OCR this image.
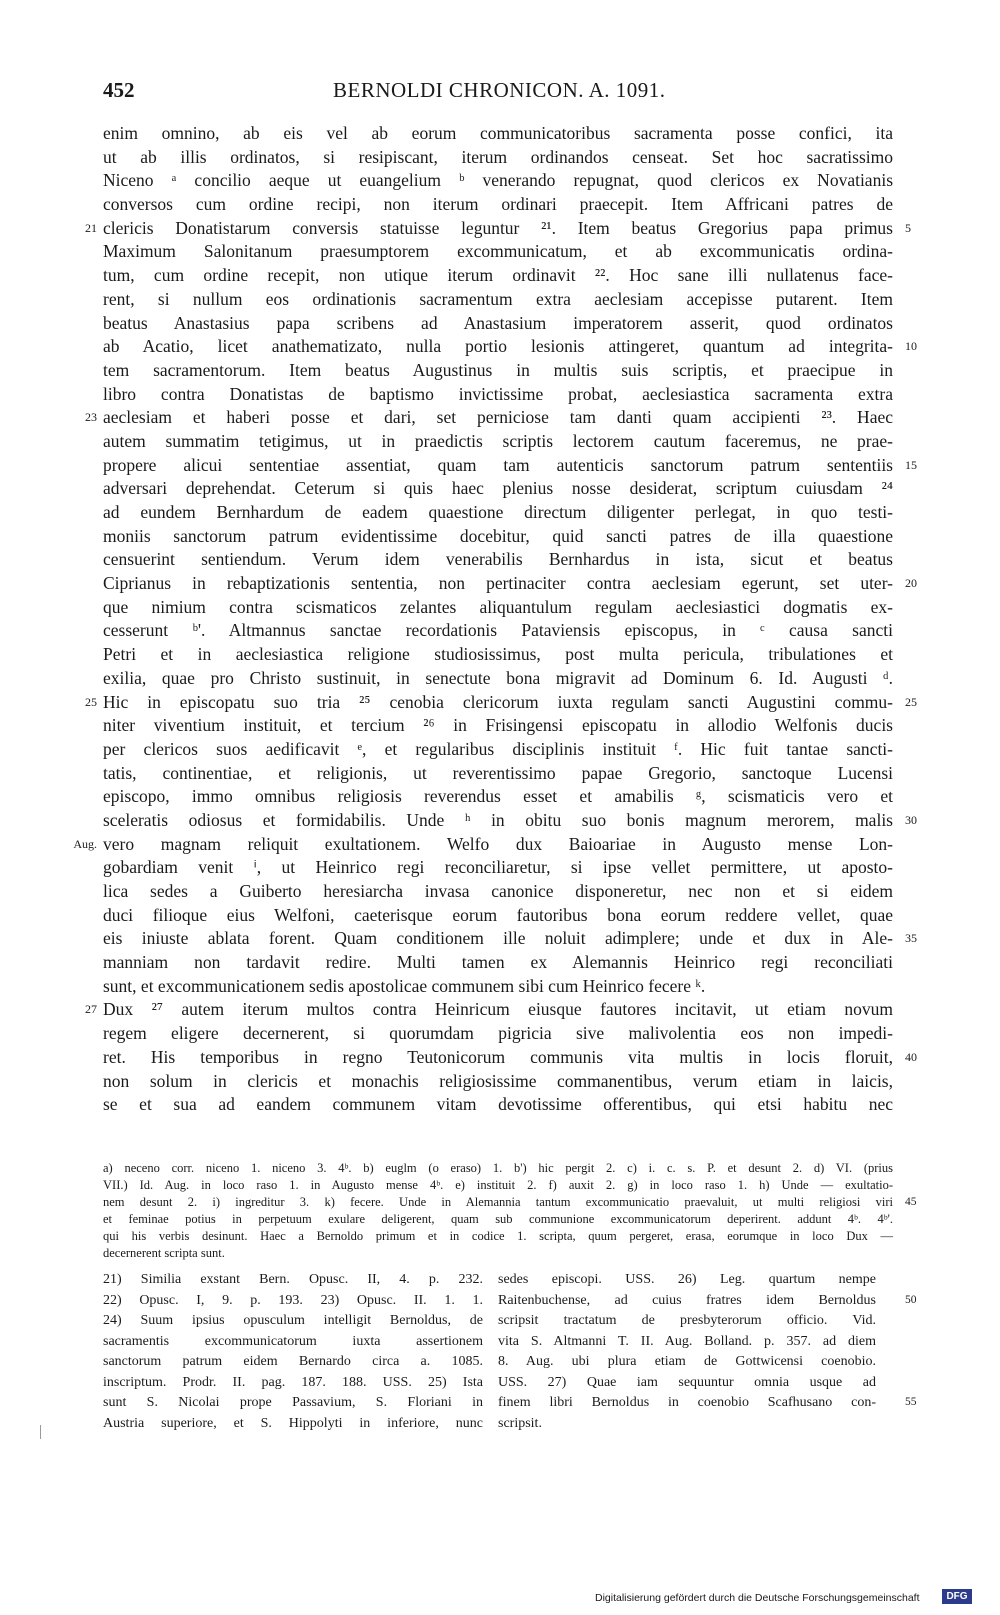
452	BERNOLDI CHRONICON. A. 1091.
enim omnino, ab eis vel ab eorum communicatoribus sacramenta posse confici, ita
ut ab illis ordinatos, si resipiscant, iterum ordinandos censeat. Set hoc sacratissimo
Niceno ᵃ concilio aeque ut euangelium ᵇ venerando repugnat, quod clericos ex Novatianis
conversos cum ordine recipi, non iterum ordinari praecepit. Item Affricani patres de
21 clericis Donatistarum conversis statuisse leguntur ²¹. Item beatus Gregorius papa primus 5
Maximum Salonitanum praesumptorem excommunicatum, et ab excommunicatis ordina-
tum, cum ordine recepit, non utique iterum ordinavit ²². Hoc sane illi nullatenus face-
rent, si nullum eos ordinationis sacramentum extra aeclesiam accepisse putarent. Item
beatus Anastasius papa scribens ad Anastasium imperatorem asserit, quod ordinatos
ab Acatio, licet anathematizato, nulla portio lesionis attingeret, quantum ad integrita- 10
tem sacramentorum. Item beatus Augustinus in multis suis scriptis, et praecipue in
libro contra Donatistas de baptismo invictissime probat, aeclesiastica sacramenta extra
23 aeclesiam et haberi posse et dari, set perniciose tam danti quam accipienti ²³. Haec
autem summatim tetigimus, ut in praedictis scriptis lectorem cautum faceremus, ne prae-
propere alicui sententiae assentiat, quam tam autenticis sanctorum patrum sententiis 15
adversari deprehendat. Ceterum si quis haec plenius nosse desiderat, scriptum cuiusdam ²⁴
ad eundem Bernhardum de eadem quaestione directum diligenter perlegat, in quo testi-
moniis sanctorum patrum evidentissime docebitur, quid sancti patres de illa quaestione
censuerint sentiendum. Verum idem venerabilis Bernhardus in ista, sicut et beatus
Ciprianus in rebaptizationis sententia, non pertinaciter contra aeclesiam egerunt, set uter- 20
que nimium contra scismaticos zelantes aliquantulum regulam aeclesiastici dogmatis ex-
cesserunt ᵇ'. Altmannus sanctae recordationis Pataviensis episcopus, in ᶜ causa sancti
Petri et in aeclesiastica religione studiosissimus, post multa pericula, tribulationes et
exilia, quae pro Christo sustinuit, in senectute bona migravit ad Dominum 6. Id. Augusti ᵈ.
25 Hic in episcopatu suo tria ²⁵ cenobia clericorum iuxta regulam sancti Augustini commu- 25
niter viventium instituit, et tercium ²⁶ in Frisingensi episcopatu in allodio Welfonis ducis
per clericos suos aedificavit ᵉ, et regularibus disciplinis instituit ᶠ. Hic fuit tantae sancti-
tatis, continentiae, et religionis, ut reverentissimo papae Gregorio, sanctoque Lucensi
episcopo, immo omnibus religiosis reverendus esset et amabilis ᵍ, scismaticis vero et
sceleratis odiosus et formidabilis. Unde ʰ in obitu suo bonis magnum merorem, malis 30
Aug. vero magnam reliquit exultationem. Welfo dux Baioariae in Augusto mense Lon-
gobardiam venit ⁱ, ut Heinrico regi reconciliaretur, si ipse vellet permittere, ut aposto-
lica sedes a Guiberto heresiarcha invasa canonice disponeretur, nec non et si eidem
duci filioque eius Welfoni, caeterisque eorum fautoribus bona eorum reddere vellet, quae
eis iniuste ablata forent. Quam conditionem ille noluit adimplere; unde et dux in Ale- 35
manniam non tardavit redire. Multi tamen ex Alemannis Heinrico regi reconciliati
sunt, et excommunicationem sedis apostolicae communem sibi cum Heinrico fecere ᵏ.
27 Dux ²⁷ autem iterum multos contra Heinricum eiusque fautores incitavit, ut etiam novum
regem eligere decernerent, si quorumdam pigricia sive malivolentia eos non impedi-
ret. His temporibus in regno Teutonicorum communis vita multis in locis floruit, 40
non solum in clericis et monachis religiosissime commanentibus, verum etiam in laicis,
se et sua ad eandem communem vitam devotissime offerentibus, qui etsi habitu nec
a) neceno corr. niceno 1. niceno 3. 4ᵇ. b) euglm (o eraso) 1. b') hic pergit 2. c) i. c. s. P. et desunt 2. d) VI. (prius
VII.) Id. Aug. in loco raso 1. in Augusto mense 4ᵇ. e) instituit 2. f) auxit 2. g) in loco raso 1. h) Unde — exultatio-
nem desunt 2. i) ingreditur 3. k) fecere. Unde in Alemannia tantum excommunicatio praevaluit, ut multi religiosi viri 45
et feminae potius in perpetuum exulare deligerent, quam sub communione excommunicatorum deperirent. addunt 4ᵇ. 4ᵇ'.
qui his verbis desinunt. Haec a Bernoldo primum et in codice 1. scripta, quum pergeret, erasa, eorumque in loco Dux —
decernerent scripta sunt.
21) Similia exstant Bern. Opusc. II, 4. p. 232. sedes episcopi. USS. 26) Leg. quartum nempe
22) Opusc. I, 9. p. 193. 23) Opusc. II. 1. 1. Raitenbuchense, ad cuius fratres idem Bernoldus	50
24) Suum ipsius opusculum intelligit Bernoldus, de scripsit tractatum de presbyterorum officio. Vid.
sacramentis excommunicatorum iuxta assertionem vita S. Altmanni T. II. Aug. Bolland. p. 357. ad diem
sanctorum patrum eidem Bernardo circa a. 1085. 8. Aug. ubi plura etiam de Gottwicensi coenobio.
inscriptum. Prodr. II. pag. 187. 188. USS. 25) Ista USS. 27) Quae iam sequuntur omnia usque ad
sunt S. Nicolai prope Passavium, S. Floriani in finem libri Bernoldus in coenobio Scafhusano con-	55
Austria superiore, et S. Hippolyti in inferiore, nunc scripsit.
Digitalisierung gefördert durch die Deutsche Forschungsgemeinschaft	DFG
